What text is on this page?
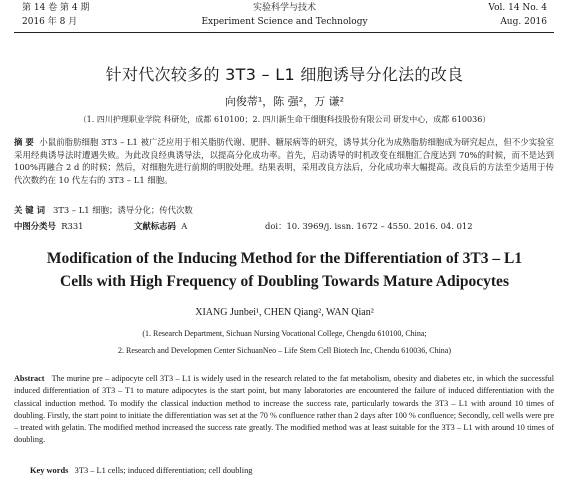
第 14 卷 第 4 期
2016 年 8 月
实验科学与技术
Experiment Science and Technology
Vol. 14 No. 4
Aug. 2016
针对代次较多的 3T3 – L1 细胞诱导分化法的改良
向俊蒂¹，陈 强²，万 谦²
（1. 四川护理职业学院 科研处，成都 610100；2. 四川新生命干细胞科技股份有限公司 研发中心，成都 610036）
摘 要 小鼠前脂肪细胞 3T3 – L1 被广泛应用于相关脂肪代谢、肥胖、糖尿病等的研究，诱导其分化为成熟脂肪细胞成为研究起点，但不少实验室采用经典诱导法时遭遇失败。为此改良经典诱导法，以提高分化成功率。首先，启动诱导的时机改变在细胞汇合度达到 70%的时候，而不是达到 100%再融合 2 d 的时候；然后，对细胞先进行前期的明胶处理。结果表明，采用改良方法后，分化成功率大幅提高。改良后的方法至少适用于传代次数约在 10 代左右的 3T3 – L1 细胞。
关 键 词 3T3 – L1 细胞；诱导分化；传代次数
中图分类号 R331	文献标志码 A	doi：10. 3969/j. issn. 1672 – 4550. 2016. 04. 012
Modification of the Inducing Method for the Differentiation of 3T3 – L1
Cells with High Frequency of Doubling Towards Mature Adipocytes
XIANG Junbei¹, CHEN Qiang², WAN Qian²
(1. Research Department, Sichuan Nursing Vocational College, Chengdu 610100, China;
2. Research and Developmen Center SichuanNeo – Life Stem Cell Biotech Inc, Chendu 610036, China)
Abstract The murine pre – adipocyte cell 3T3 – L1 is widely used in the research related to the fat metabolism, obesity and diabetes etc, in which the successful induced differentiation of 3T3 – T1 to mature adipocytes is the start point, but many laboratories are encountered the failure of induced differentiation with the classical induction method. To modify the classical induction method to increase the success rate, particularly towards the 3T3 – L1 with around 10 times of doubling. Firstly, the start point to initiate the differentiation was set at the 70 % confluence rather than 2 days after 100 % confluence; Secondly, cell wells were pre – treated with gelatin. The modified method increased the success rate greatly. The modified method was at least suitable for the 3T3 – L1 with around 10 times of doubling.
Key words 3T3 – L1 cells; induced differentiation; cell doubling
